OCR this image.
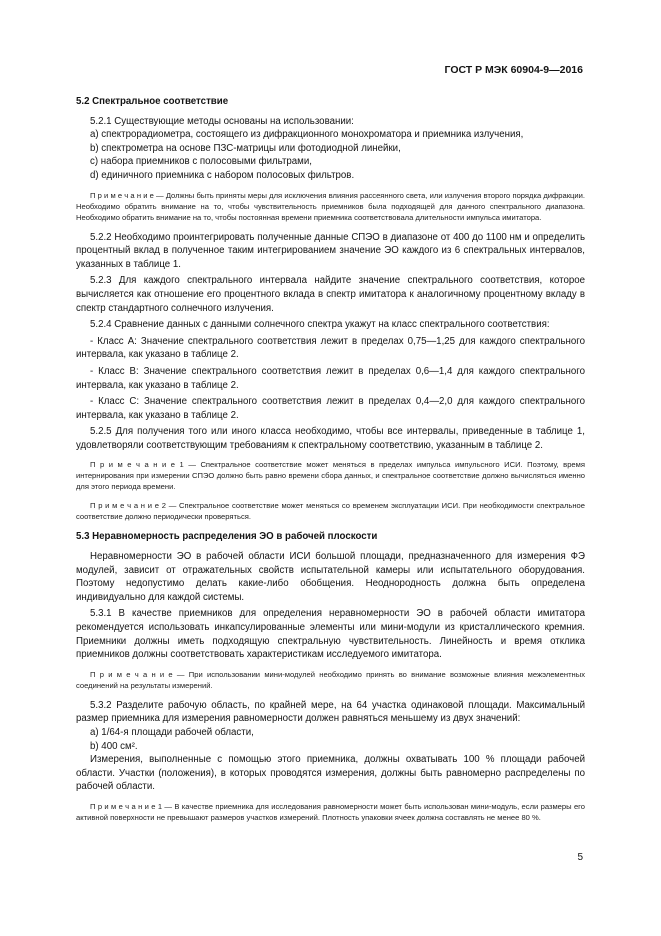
ГОСТ Р МЭК 60904-9—2016
5.2 Спектральное соответствие
5.2.1 Существующие методы основаны на использовании:
a) спектрорадиометра, состоящего из дифракционного монохроматора и приемника излучения,
b) спектрометра на основе ПЗС-матрицы или фотодиодной линейки,
c) набора приемников с полосовыми фильтрами,
d) единичного приемника с набором полосовых фильтров.
П р и м е ч а н и е — Должны быть приняты меры для исключения влияния рассеянного света, или излучения второго порядка дифракции. Необходимо обратить внимание на то, чтобы чувствительность приемников была подходящей для данного спектрального диапазона. Необходимо обратить внимание на то, чтобы постоянная времени приемника соответствовала длительности импульса имитатора.
5.2.2 Необходимо проинтегрировать полученные данные СПЭО в диапазоне от 400 до 1100 нм и определить процентный вклад в полученное таким интегрированием значение ЭО каждого из 6 спектральных интервалов, указанных в таблице 1.
5.2.3 Для каждого спектрального интервала найдите значение спектрального соответствия, которое вычисляется как отношение его процентного вклада в спектр имитатора к аналогичному процентному вкладу в спектр стандартного солнечного излучения.
5.2.4 Сравнение данных с данными солнечного спектра укажут на класс спектрального соответствия:
- Класс A: Значение спектрального соответствия лежит в пределах 0,75—1,25 для каждого спектрального интервала, как указано в таблице 2.
- Класс B: Значение спектрального соответствия лежит в пределах 0,6—1,4 для каждого спектрального интервала, как указано в таблице 2.
- Класс C: Значение спектрального соответствия лежит в пределах 0,4—2,0 для каждого спектрального интервала, как указано в таблице 2.
5.2.5 Для получения того или иного класса необходимо, чтобы все интервалы, приведенные в таблице 1, удовлетворяли соответствующим требованиям к спектральному соответствию, указанным в таблице 2.
П р и м е ч а н и е 1 — Спектральное соответствие может меняться в пределах импульса импульсного ИСИ. Поэтому, время интернирования при измерении СПЭО должно быть равно времени сбора данных, и спектральное соответствие должно вычисляться именно для этого периода времени.
П р и м е ч а н и е 2 — Спектральное соответствие может меняться со временем эксплуатации ИСИ. При необходимости спектральное соответствие должно периодически проверяться.
5.3 Неравномерность распределения ЭО в рабочей плоскости
Неравномерности ЭО в рабочей области ИСИ большой площади, предназначенного для измерения ФЭ модулей, зависит от отражательных свойств испытательной камеры или испытательного оборудования. Поэтому недопустимо делать какие-либо обобщения. Неоднородность должна быть определена индивидуально для каждой системы.
5.3.1 В качестве приемников для определения неравномерности ЭО в рабочей области имитатора рекомендуется использовать инкапсулированные элементы или мини-модули из кристаллического кремния. Приемники должны иметь подходящую спектральную чувствительность. Линейность и время отклика приемников должны соответствовать характеристикам исследуемого имитатора.
П р и м е ч а н и е — При использовании мини-модулей необходимо принять во внимание возможные влияния межэлементных соединений на результаты измерений.
5.3.2 Разделите рабочую область, по крайней мере, на 64 участка одинаковой площади. Максимальный размер приемника для измерения равномерности должен равняться меньшему из двух значений:
a) 1/64-я площади рабочей области,
b) 400 см².
Измерения, выполненные с помощью этого приемника, должны охватывать 100 % площади рабочей области. Участки (положения), в которых проводятся измерения, должны быть равномерно распределены по рабочей области.
П р и м е ч а н и е 1 — В качестве приемника для исследования равномерности может быть использован мини-модуль, если размеры его активной поверхности не превышают размеров участков измерений. Плотность упаковки ячеек должна составлять не менее 80 %.
5
